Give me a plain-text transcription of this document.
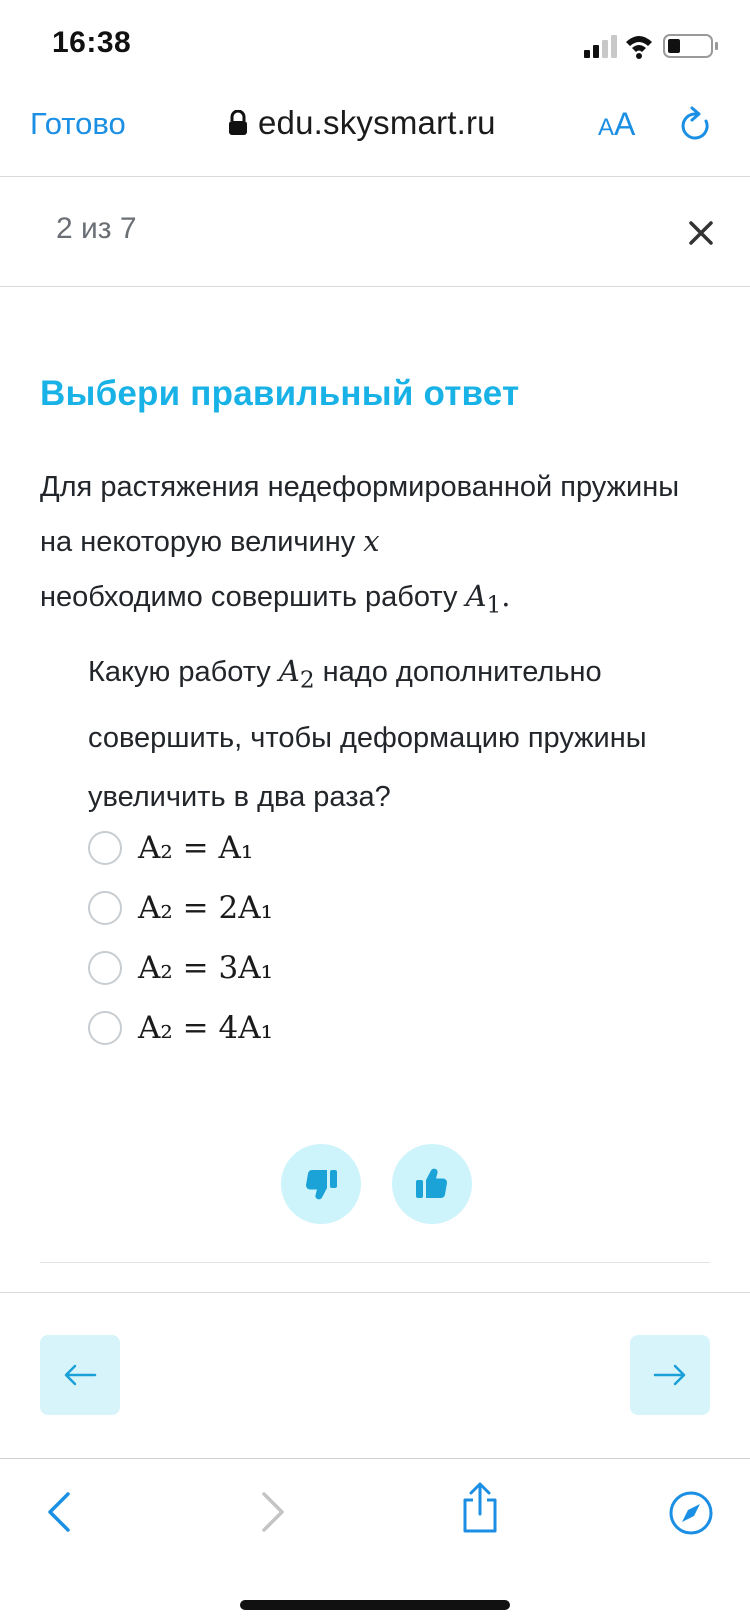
16:38
Готово	edu.skysmart.ru	AA
2 из 7
Выбери правильный ответ
Для растяжения недеформированной пружины на некоторую величину x
необходимо совершить работу $A_1$.
Какую работу $A_2$ надо дополнительно совершить, чтобы деформацию пружины увеличить в два раза?
A₂ = A₁
A₂ = 2A₁
A₂ = 3A₁
A₂ = 4A₁
